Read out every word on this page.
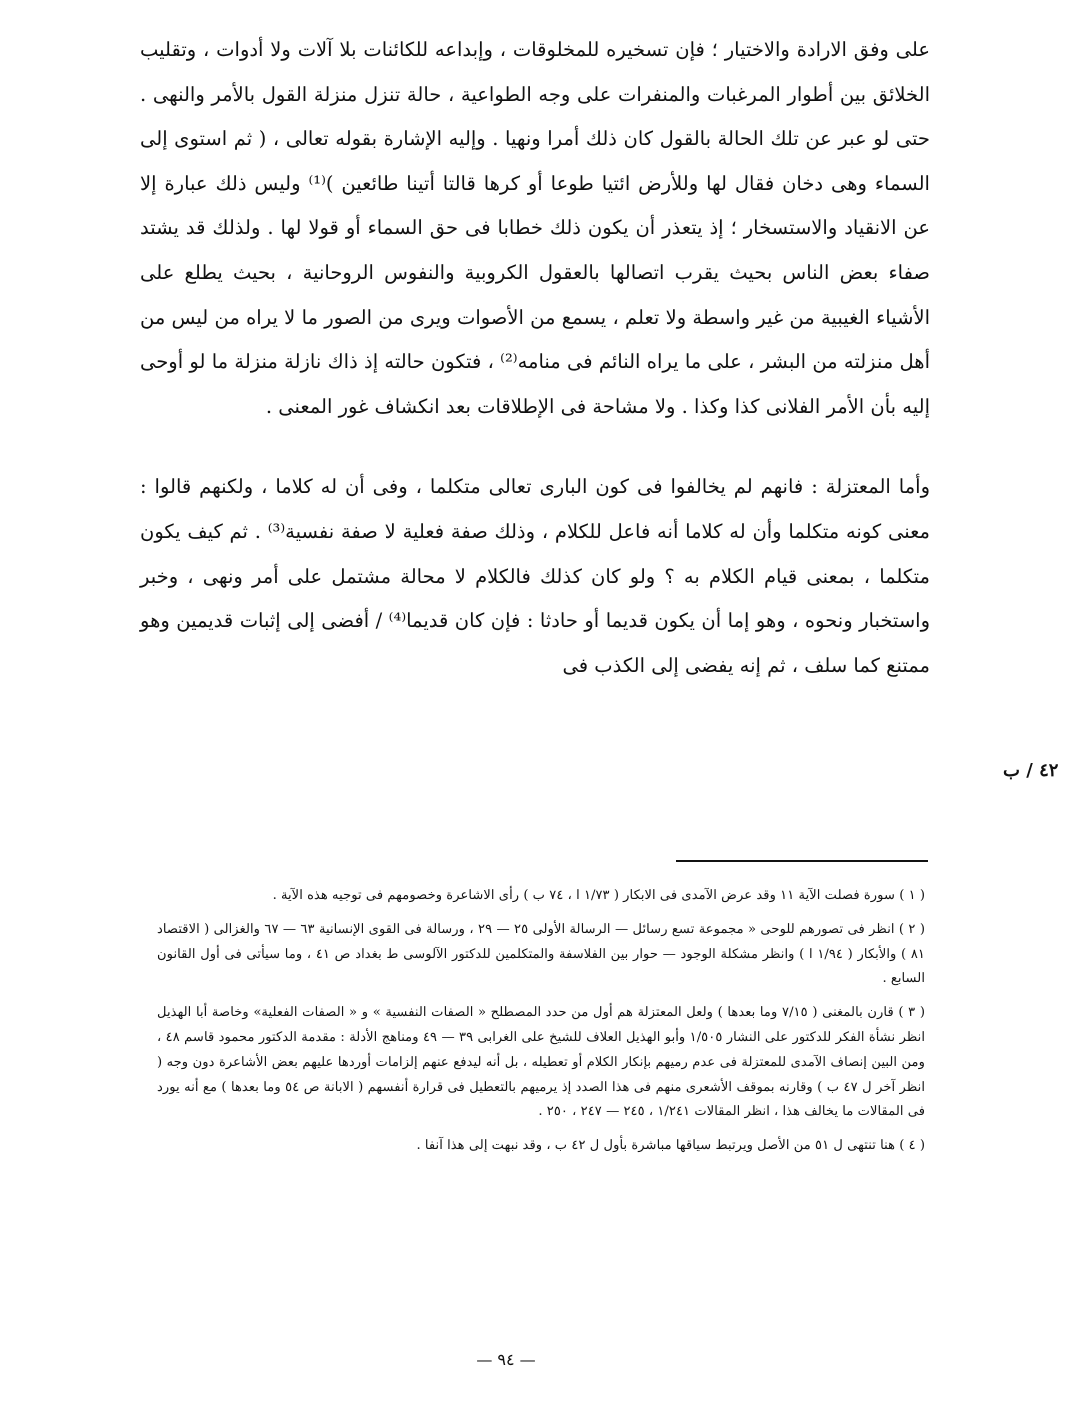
على وفق الارادة والاختيار ؛ فإن تسخيره للمخلوقات ، وإبداعه للكائنات بلا آلات ولا أدوات ، وتقليب الخلائق بين أطوار المرغبات والمنفرات على وجه الطواعية ، حالة تنزل منزلة القول بالأمر والنهى . حتى لو عبر عن تلك الحالة بالقول كان ذلك أمرا ونهيا . وإليه الإشارة بقوله تعالى ، ( ثم استوى إلى السماء وهى دخان فقال لها وللأرض ائتيا طوعا أو كرها قالتا أتينا طائعين )⁽¹⁾ وليس ذلك عبارة إلا عن الانقياد والاستسخار ؛ إذ يتعذر أن يكون ذلك خطابا فى حق السماء أو قولا لها . ولذلك قد يشتد صفاء بعض الناس بحيث يقرب اتصالها بالعقول الكروبية والنفوس الروحانية ، بحيث يطلع على الأشياء الغيبية من غير واسطة ولا تعلم ، يسمع من الأصوات ويرى من الصور ما لا يراه من ليس من أهل منزلته من البشر ، على ما يراه النائم فى منامه⁽²⁾ ، فتكون حالته إذ ذاك نازلة منزلة ما لو أوحى إليه بأن الأمر الفلانى كذا وكذا . ولا مشاحة فى الإطلاقات بعد انكشاف غور المعنى .

وأما المعتزلة : فانهم لم يخالفوا فى كون البارى تعالى متكلما ، وفى أن له كلاما ، ولكنهم قالوا : معنى كونه متكلما وأن له كلاما أنه فاعل للكلام ، وذلك صفة فعلية لا صفة نفسية⁽³⁾ . ثم كيف يكون متكلما ، بمعنى قيام الكلام به ؟ ولو كان كذلك فالكلام لا محالة مشتمل على أمر ونهى ، وخبر واستخبار ونحوه ، وهو إما أن يكون قديما أو حادثا : فإن كان قديما⁽⁴⁾ / أفضى إلى إثبات قديمين وهو ممتنع كما سلف ، ثم إنه يفضى إلى الكذب فى

٤٢ / ب

( ١ ) سورة فصلت الآية ١١ وقد عرض الآمدى فى الابكار ( ١/٧٣ ا ، ٧٤ ب ) رأى الاشاعرة وخصومهم فى توجيه هذه الآية .

( ٢ ) انظر فى تصورهم للوحى « مجموعة تسع رسائل — الرسالة الأولى ٢٥ — ٢٩ ، ورسالة فى القوى الإنسانية ٦٣ — ٦٧ والغزالى ( الاقتصاد ٨١ ) والأبكار ( ١/٩٤ ا ) وانظر مشكلة الوجود — حوار بين الفلاسفة والمتكلمين للدكتور الآلوسى ط بغداد ص ٤١ ، وما سيأتى فى أول القانون السابع .

( ٣ ) قارن بالمغنى ( ٧/١٥ وما بعدها ) ولعل المعتزلة هم أول من حدد المصطلح « الصفات النفسية » و « الصفات الفعلية» وخاصة أبا الهذيل انظر نشأة الفكر للدكتور على النشار ١/٥٠٥ وأبو الهذيل العلاف للشيخ على الغرابى ٣٩ — ٤٩ ومناهج الأدلة : مقدمة الدكتور محمود قاسم ٤٨ ، ومن البين إنصاف الآمدى للمعتزلة فى عدم رميهم بإنكار الكلام أو تعطيله ، بل أنه ليدفع عنهم إلزامات أوردها عليهم بعض الأشاعرة دون وجه ( انظر آخر ل ٤٧ ب ) وقارنه بموقف الأشعرى منهم فى هذا الصدد إذ يرميهم بالتعطيل فى قرارة أنفسهم ( الابانة ص ٥٤ وما بعدها ) مع أنه يورد فى المقالات ما يخالف هذا ، انظر المقالات ١/٢٤١ ، ٢٤٥ — ٢٤٧ ، ٢٥٠ .

( ٤ ) هنا تنتهى ل ٥١ من الأصل ويرتبط سياقها مباشرة بأول ل ٤٢ ب ، وقد نبهت إلى هذا آنفا .

— ٩٤ —
